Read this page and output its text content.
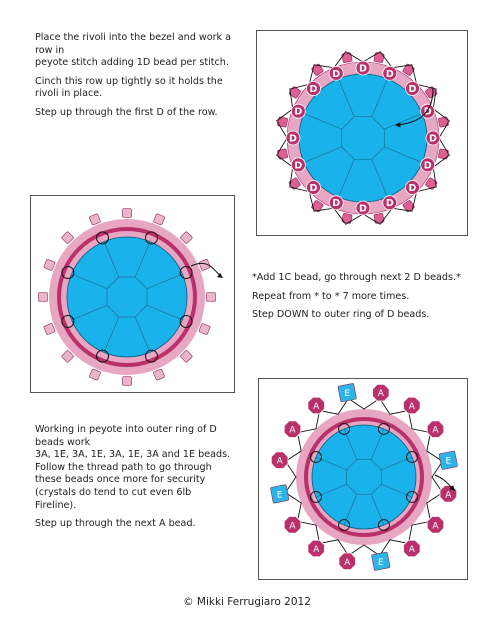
Place the rivoli into the bezel and work a row in

peyote stitch adding 1D bead per stitch.

Cinch this row up tightly so it holds the rivoli in place.

Step up through the first D of the row.

D D
D
D
D
D
D
D
D
D
D
D
D
D
D
D

*Add 1C bead, go through next 2 D beads.*

Repeat from * to * 7 more times.

Step DOWN to outer ring of D beads.

Working in peyote into outer ring of D beads work

3A, 1E, 3A, 1E, 3A, 1E, 3A and 1E beads.

Follow the thread path to go through these beads once more for security

(crystals do tend to cut even 6lb Fireline).

Step up through the next A bead.

A
A
A
E
A
A
A
E
A
A
A
E
A
A
A
E
© Mikki Ferrugiaro 2012
